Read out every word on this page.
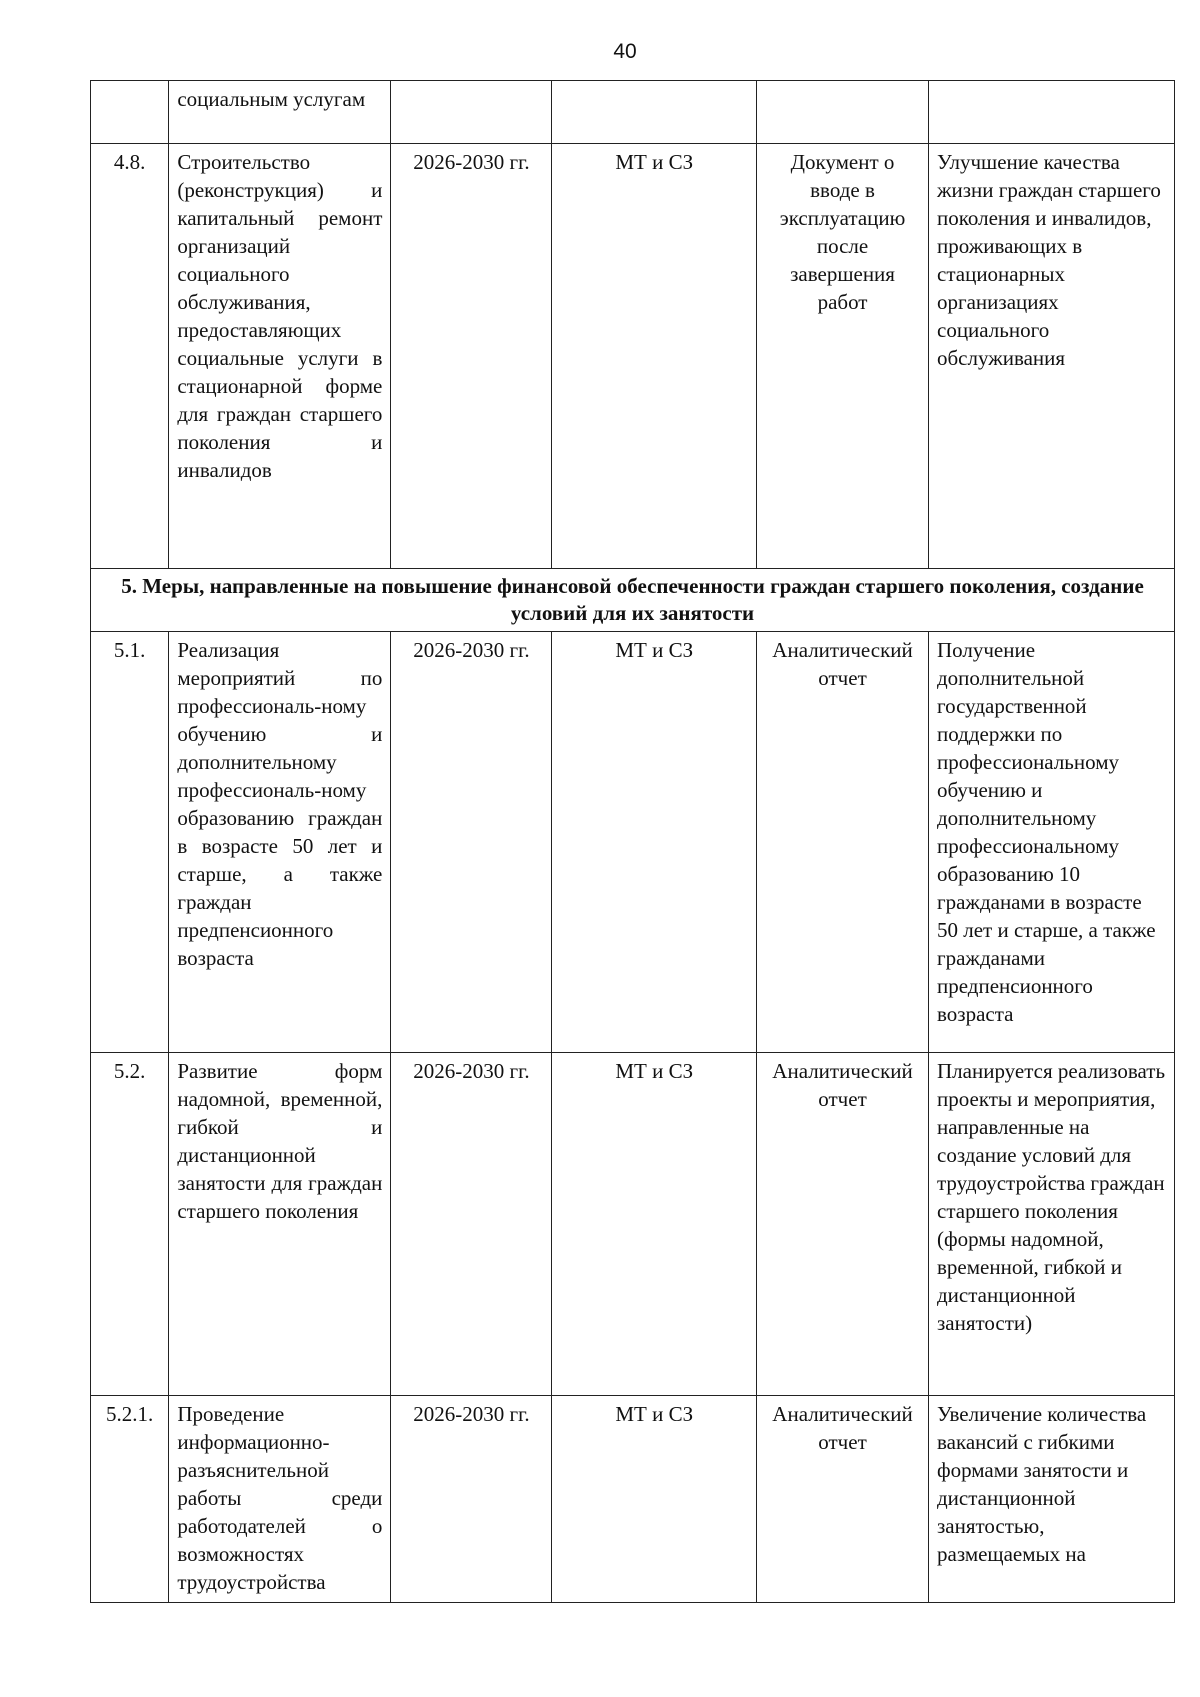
40
	социальным услугам				
4.8.	Строительство (реконструкция) и капитальный ремонт организаций социального обслуживания, предоставляющих социальные услуги в стационарной форме для граждан старшего поколения и инвалидов	2026-2030 гг.	МТ и СЗ	Документ о вводе в эксплуатацию после завершения работ	Улучшение качества жизни граждан старшего поколения и инвалидов, проживающих в стационарных организациях социального обслуживания
5. Меры, направленные на повышение финансовой обеспеченности граждан старшего поколения, создание условий для их занятости					
5.1.	Реализация мероприятий по профессиональ-ному обучению и дополнительному профессиональ-ному образованию граждан в возрасте 50 лет и старше, а также граждан предпенсионного возраста	2026-2030 гг.	МТ и СЗ	Аналитический отчет	Получение дополнительной государственной поддержки по профессиональному обучению и дополнительному профессиональному образованию 10 гражданами в возрасте 50 лет и старше, а также гражданами предпенсионного возраста
5.2.	Развитие форм надомной, временной, гибкой и дистанционной занятости для граждан старшего поколения	2026-2030 гг.	МТ и СЗ	Аналитический отчет	Планируется реализовать проекты и мероприятия, направленные на создание условий для трудоустройства граждан старшего поколения (формы надомной, временной, гибкой и дистанционной занятости)
5.2.1.	Проведение информационно-разъяснительной работы среди работодателей о возможностях трудоустройства	2026-2030 гг.	МТ и СЗ	Аналитический отчет	Увеличение количества вакансий с гибкими формами занятости и дистанционной занятостью, размещаемых на
